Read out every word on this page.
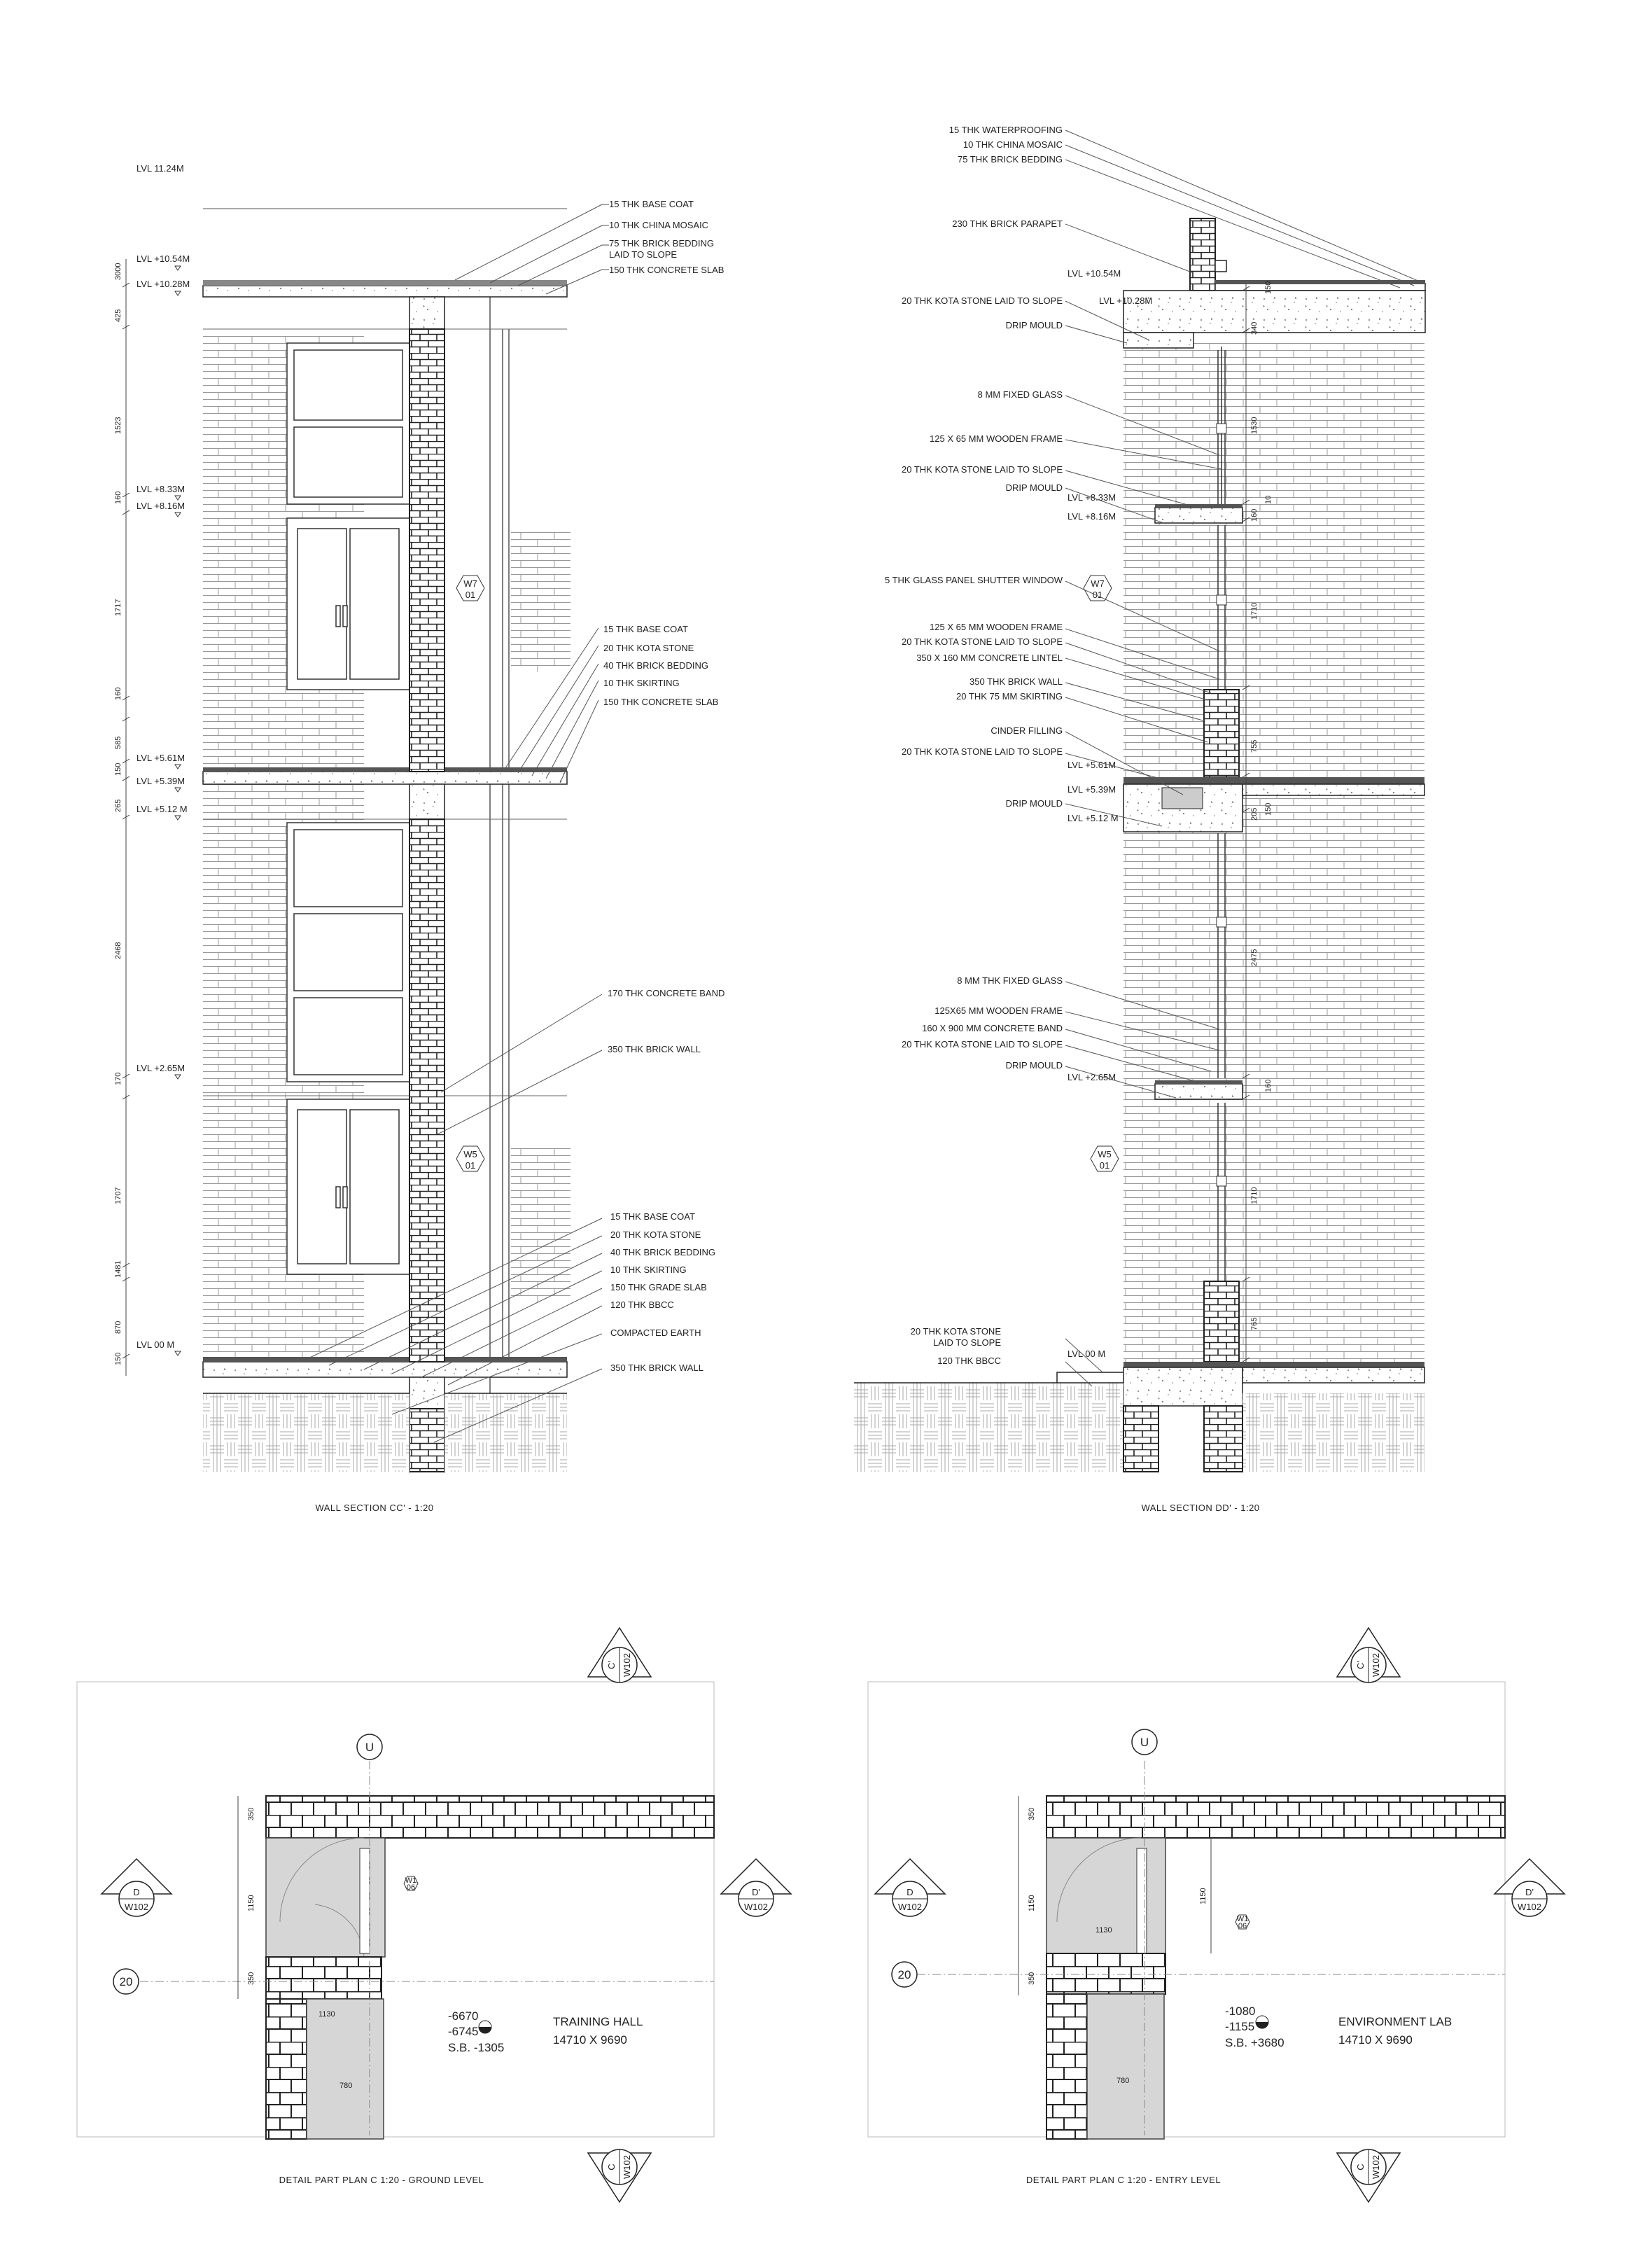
LVL 11.24M
LVL +10.54M
LVL +10.28M
LVL +8.33M
LVL +8.16M
LVL +5.61M
LVL +5.39M
LVL +5.12 M
LVL +2.65M
LVL 00 M
3000
425
1523
160
1717
160
585
150
265
2468
170
1707
1481
870
150
W7
01
W5
01
15 THK BASE COAT
10 THK CHINA MOSAIC
75 THK BRICK BEDDING
LAID TO SLOPE
150 THK CONCRETE SLAB
15 THK BASE COAT
20 THK KOTA STONE
40 THK BRICK BEDDING
10 THK SKIRTING
150 THK CONCRETE SLAB
170 THK CONCRETE BAND
350 THK BRICK WALL
15 THK BASE COAT
20 THK KOTA STONE
40 THK BRICK BEDDING
10 THK SKIRTING
150 THK GRADE SLAB
120 THK BBCC
COMPACTED EARTH
350 THK BRICK WALL
WALL SECTION CC' - 1:20
150
340
1530
160
10
1710
755
205 150
2475
160
1710
765
LVL +10.54M
LVL +10.28M
LVL +8.33M
LVL +8.16M
LVL +5.61M
LVL +5.39M
LVL +5.12 M
LVL +2.65M
LVL 00 M
W7
01
W5
01
15 THK WATERPROOFING
10 THK CHINA MOSAIC
75 THK BRICK BEDDING
230 THK BRICK PARAPET
20 THK KOTA STONE LAID TO SLOPE
DRIP MOULD
8 MM FIXED GLASS
125 X 65 MM WOODEN FRAME
20 THK KOTA STONE LAID TO SLOPE
DRIP MOULD
5 THK GLASS PANEL SHUTTER WINDOW
125 X 65 MM WOODEN FRAME
20 THK KOTA STONE LAID TO SLOPE
350 X 160 MM CONCRETE LINTEL
350 THK BRICK WALL
20 THK 75 MM SKIRTING
CINDER FILLING
20 THK KOTA STONE LAID TO SLOPE
DRIP MOULD
8 MM THK FIXED GLASS
125X65 MM WOODEN FRAME
160 X 900 MM CONCRETE BAND
20 THK KOTA STONE LAID TO SLOPE
DRIP MOULD
20 THK KOTA STONE
LAID TO SLOPE
120 THK BBCC
WALL SECTION DD' - 1:20
U
20
350
1150
350
1130
780
W1
06
-6670
-6745
S.B. -1305
TRAINING HALL
14710 X 9690
C' W102
C W102
D
W102
D'
W102
DETAIL PART PLAN C 1:20 - GROUND LEVEL
U
20
350
1150
350
1130
780
1150
W1
06
-1080
-1155
S.B. +3680
ENVIRONMENT LAB
14710 X 9690
C' W102
C W102
D
W102
D'
W102
DETAIL PART PLAN C 1:20 - ENTRY LEVEL
